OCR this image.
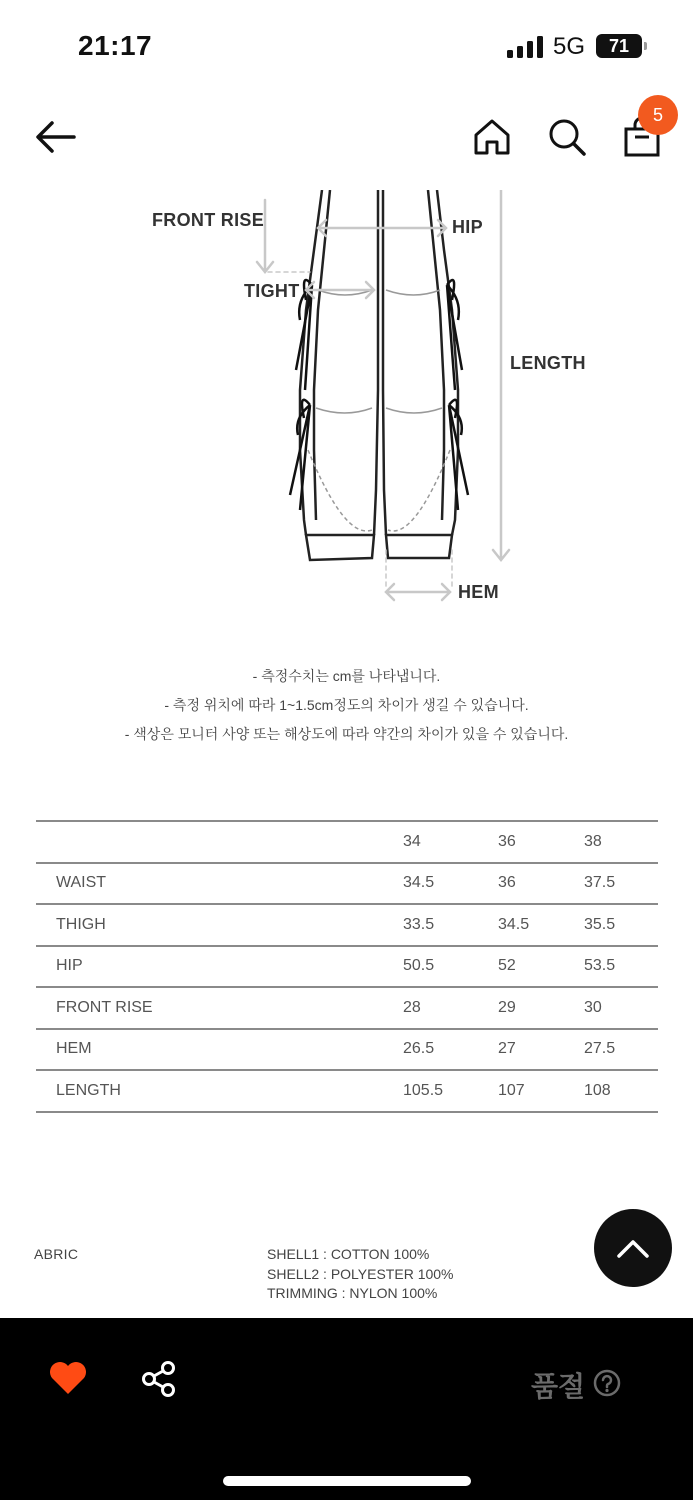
21:17	5G	71
5
FRONT RISE	HIP
TIGHT
LENGTH
HEM
- 측정수치는 cm를 나타냅니다.
- 측정 위치에 따라 1~1.5cm정도의 차이가 생길 수 있습니다.
- 색상은 모니터 사양 또는 해상도에 따라 약간의 차이가 있을 수 있습니다.
	34	36	38
WAIST	34.5	36	37.5
THIGH	33.5	34.5	35.5
HIP	50.5	52	53.5
FRONT RISE	28	29	30
HEM	26.5	27	27.5
LENGTH	105.5	107	108
ABRIC	SHELL1 : COTTON 100%
SHELL2 : POLYESTER 100%
TRIMMING : NYLON 100%
품절
